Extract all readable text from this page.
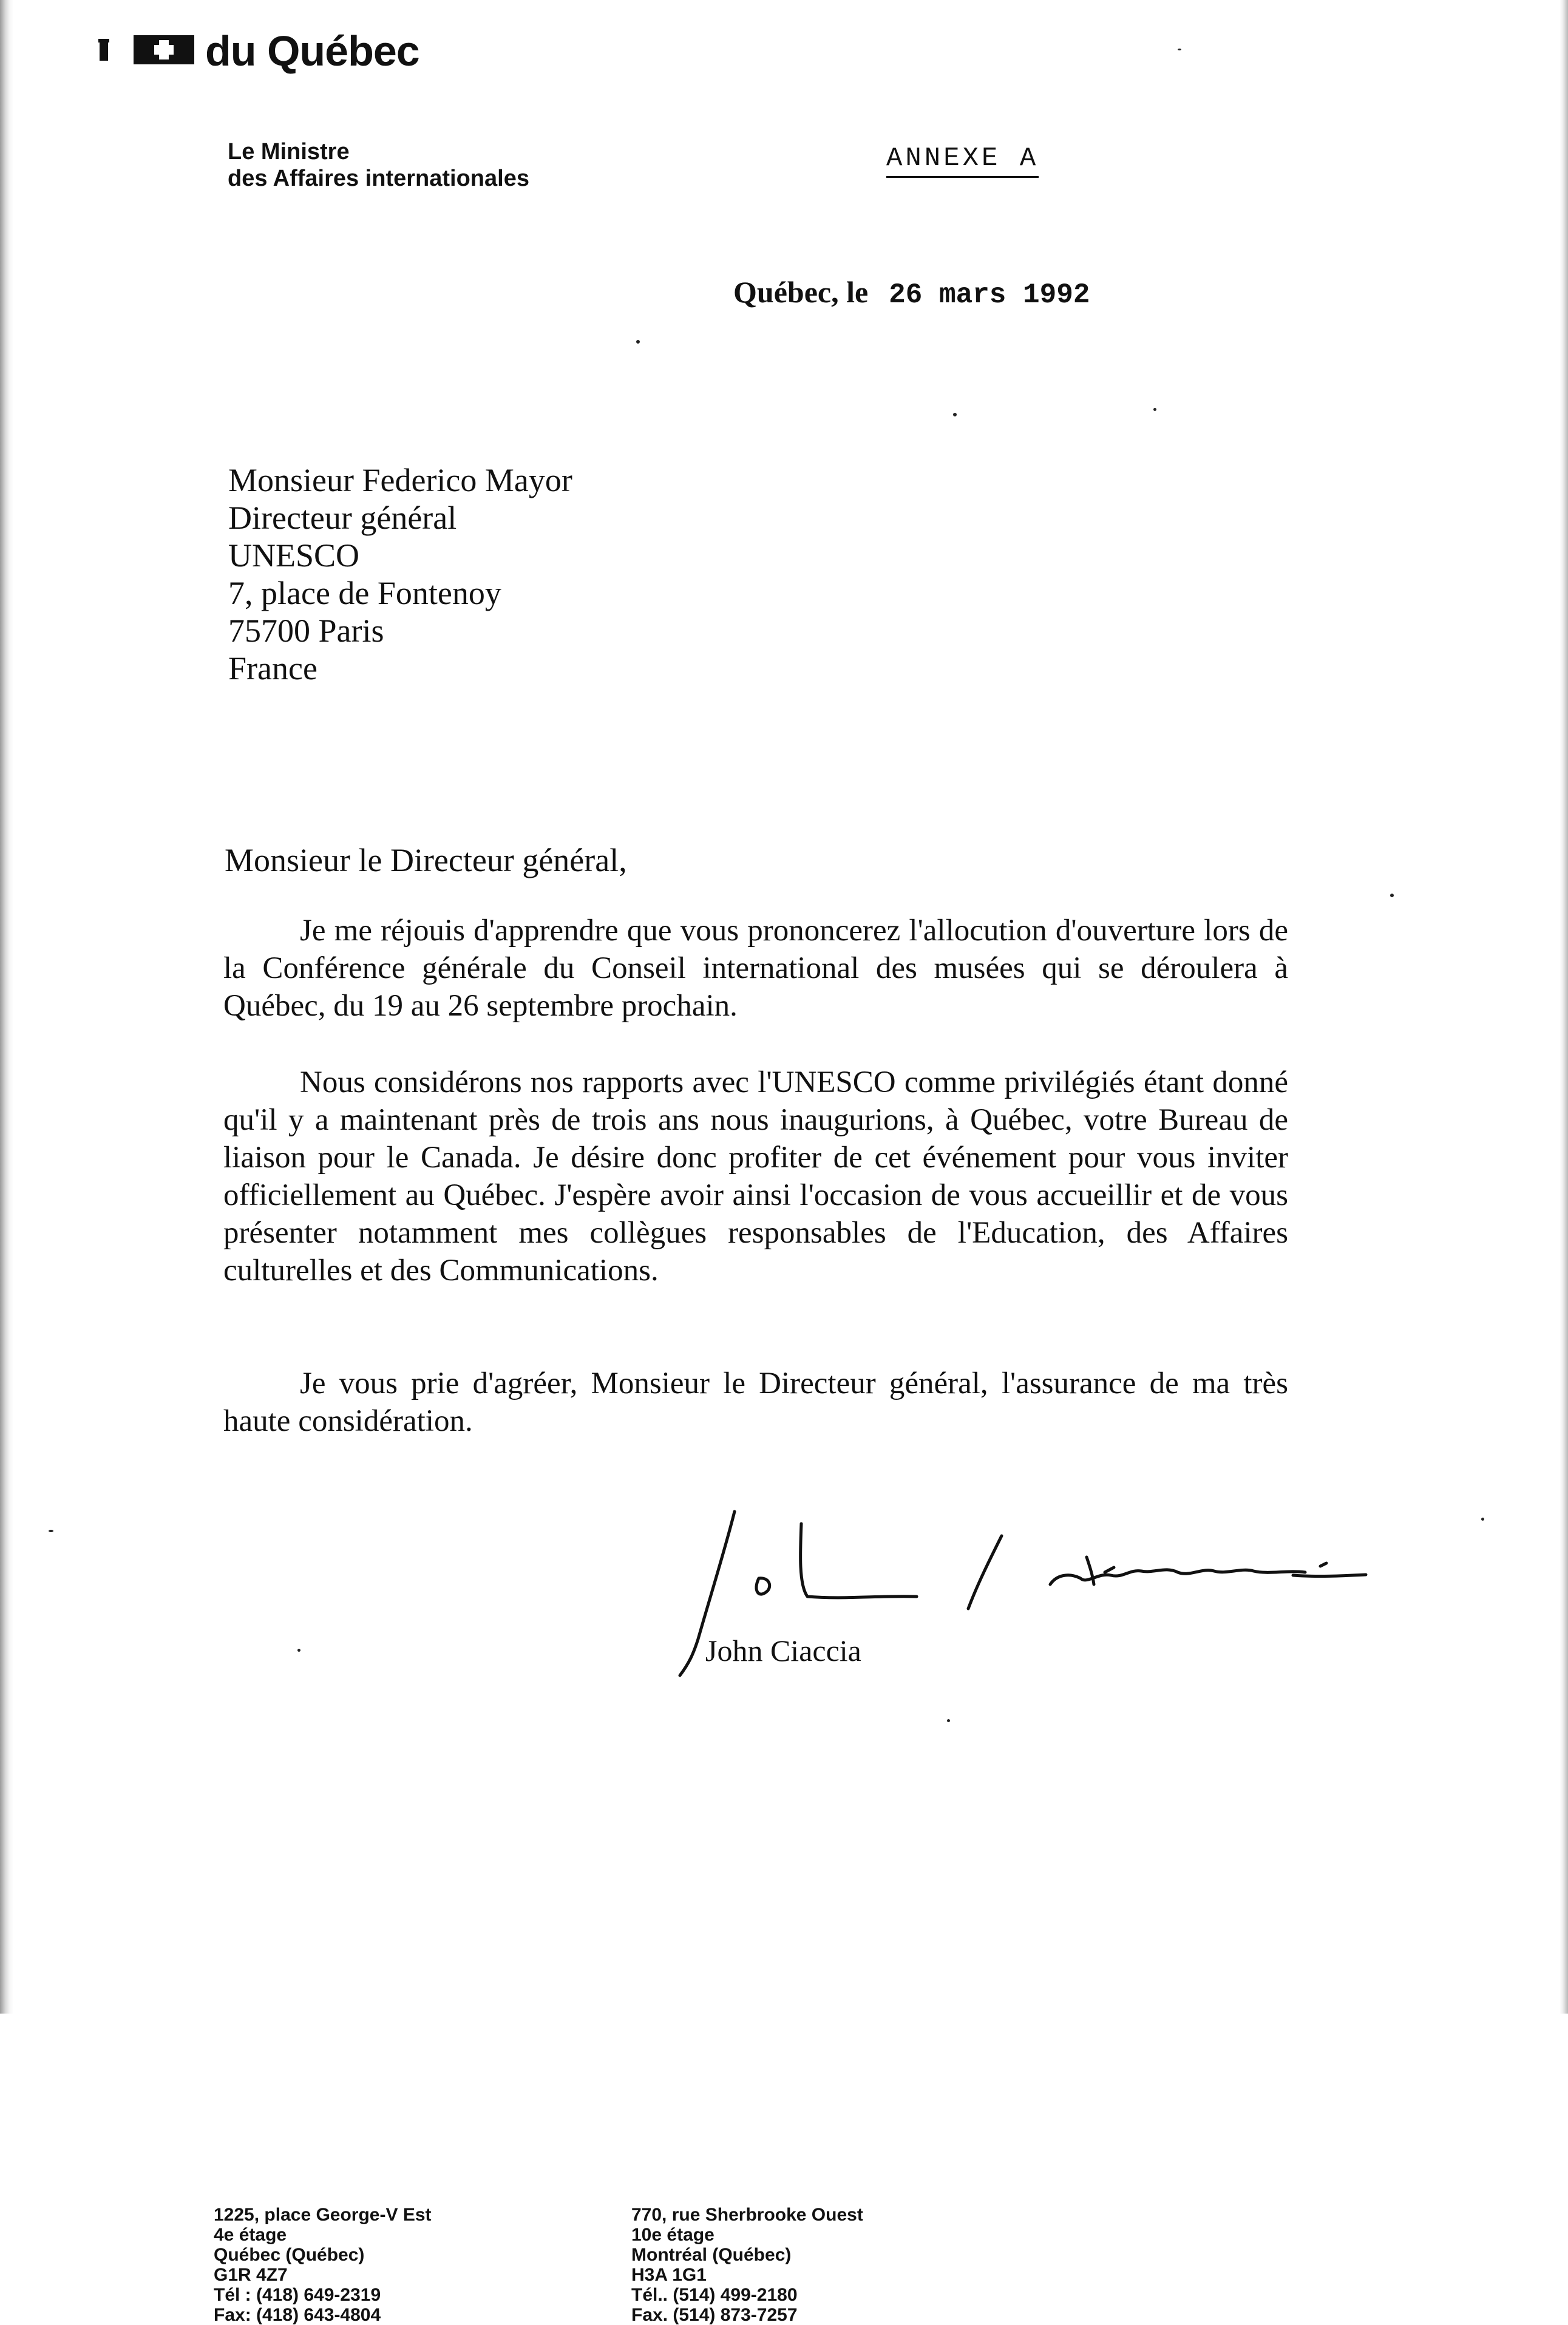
du Québec
Le Ministre
des Affaires internationales
ANNEXE A
Québec, le 26 mars 1992
Monsieur Federico Mayor
Directeur général
UNESCO
7, place de Fontenoy
75700 Paris
France
Monsieur le Directeur général,

Je me réjouis d'apprendre que vous prononcerez l'allocution d'ouverture lors de la Conférence générale du Conseil international des musées qui se déroulera à Québec, du 19 au 26 septembre prochain.

Nous considérons nos rapports avec l'UNESCO comme privilégiés étant donné qu'il y a maintenant près de trois ans nous inaugurions, à Québec, votre Bureau de liaison pour le Canada. Je désire donc profiter de cet événement pour vous inviter officiellement au Québec. J'espère avoir ainsi l'occasion de vous accueillir et de vous présenter notamment mes collègues responsables de l'Education, des Affaires culturelles et des Communications.

Je vous prie d'agréer, Monsieur le Directeur général, l'assurance de ma très haute considération.

John Ciaccia
1225, place George-V Est
4e étage
Québec (Québec)
G1R 4Z7
Tél : (418) 649-2319
Fax: (418) 643-4804
770, rue Sherbrooke Ouest
10e étage
Montréal (Québec)
H3A 1G1
Tél.. (514) 499-2180
Fax. (514) 873-7257
